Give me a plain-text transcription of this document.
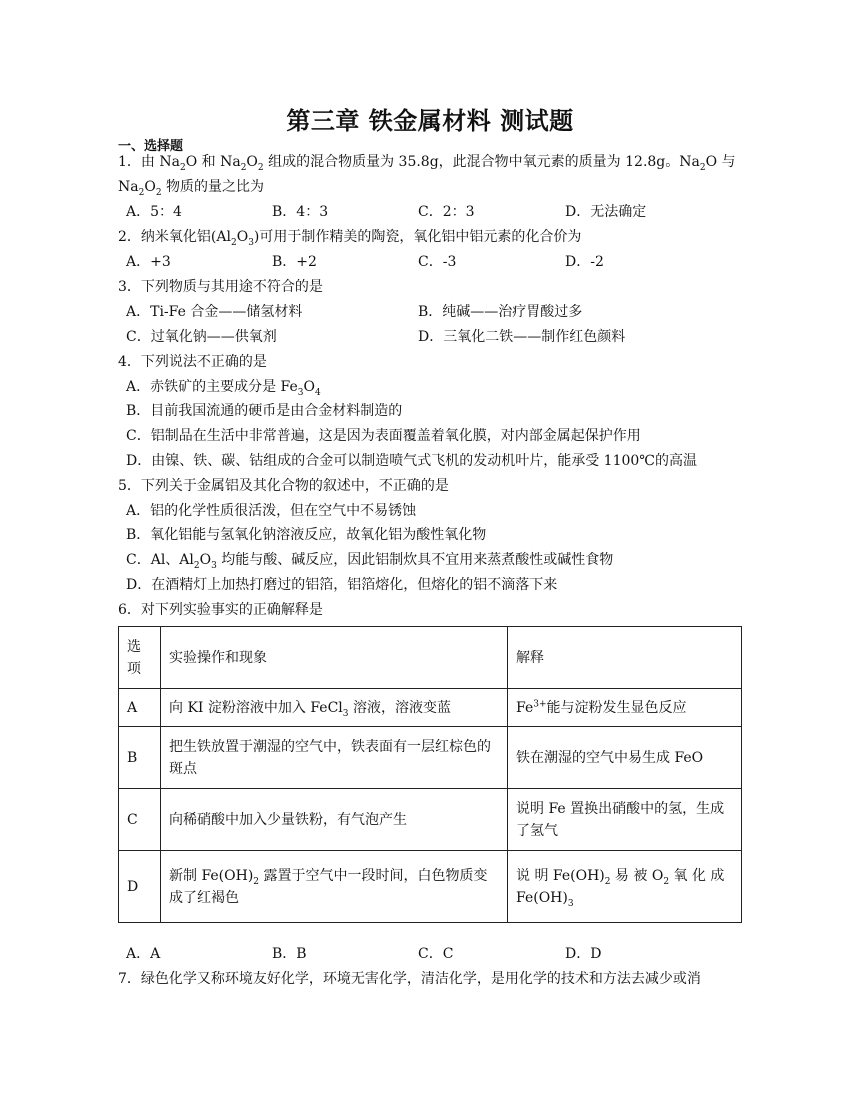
第三章 铁金属材料 测试题
一、选择题
1．由 $Na_2O$ 和 $Na_2O_2$ 组成的混合物质量为 35.8g，此混合物中氧元素的质量为 12.8g。$Na_2O$ 与
$Na_2O_2$ 物质的量之比为
A．5：4	B．4：3	C．2：3	D．无法确定
2．纳米氧化铝$(Al_2O_3)$可用于制作精美的陶瓷，氧化铝中铝元素的化合价为
A．+3	B．+2	C．-3	D．-2
3．下列物质与其用途不符合的是
A．Ti-Fe 合金——储氢材料	B．纯碱——治疗胃酸过多
C．过氧化钠——供氧剂	D．三氧化二铁——制作红色颜料
4．下列说法不正确的是
A．赤铁矿的主要成分是 $Fe_3O_4$
B．目前我国流通的硬币是由合金材料制造的
C．铝制品在生活中非常普遍，这是因为表面覆盖着氧化膜，对内部金属起保护作用
D．由镍、铁、碳、钴组成的合金可以制造喷气式飞机的发动机叶片，能承受 1100℃的高温
5．下列关于金属铝及其化合物的叙述中，不正确的是
A．铝的化学性质很活泼，但在空气中不易锈蚀
B．氧化铝能与氢氧化钠溶液反应，故氧化铝为酸性氧化物
C．Al、$Al_2O_3$ 均能与酸、碱反应，因此铝制炊具不宜用来蒸煮酸性或碱性食物
D．在酒精灯上加热打磨过的铝箔，铝箔熔化，但熔化的铝不滴落下来
6．对下列实验事实的正确解释是
选
项	实验操作和现象	解释
A	向 KI 淀粉溶液中加入 FeCl$_3$ 溶液，溶液变蓝	$Fe^{3+}$能与淀粉发生显色反应
B	把生铁放置于潮湿的空气中，铁表面有一层红棕色的斑点	铁在潮湿的空气中易生成 FeO
C	向稀硝酸中加入少量铁粉，有气泡产生	说明 Fe 置换出硝酸中的氢，生成了氢气
D	新制 $Fe(OH)_2$ 露置于空气中一段时间，白色物质变成了红褐色	说 明 $Fe(OH)_2$ 易 被 $O_2$ 氧 化 成
$Fe(OH)_3$
A．A	B．B	C．C	D．D
7．绿色化学又称环境友好化学，环境无害化学，清洁化学，是用化学的技术和方法去减少或消
